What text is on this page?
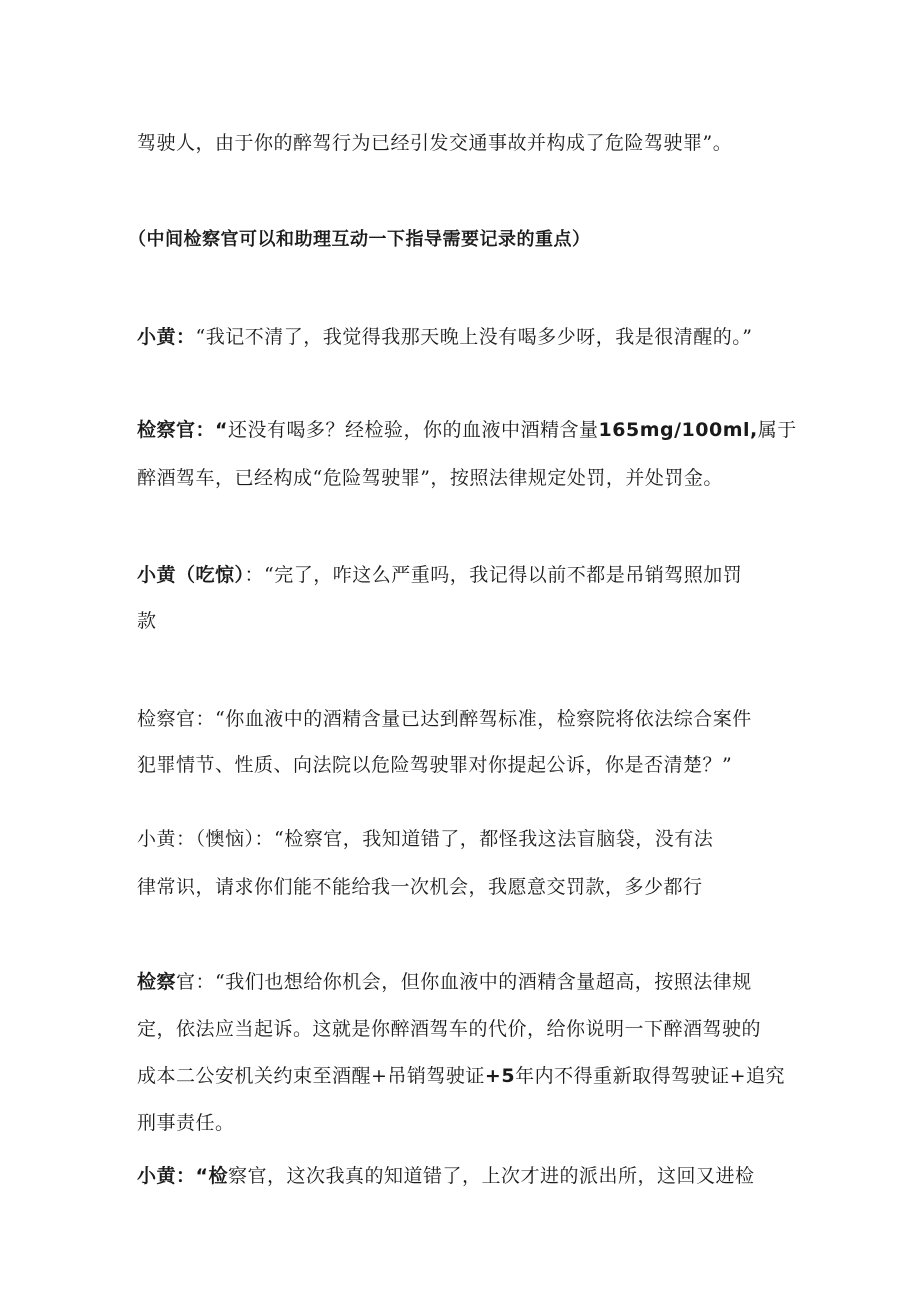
驾驶人，由于你的醉驾行为已经引发交通事故并构成了危险驾驶罪”。
（中间检察官可以和助理互动一下指导需要记录的重点）
小黄：“我记不清了，我觉得我那天晚上没有喝多少呀，我是很清醒的。”
检察官：“还没有喝多？经检验，你的血液中酒精含量165mg/100ml,属于
醉酒驾车，已经构成“危险驾驶罪”，按照法律规定处罚，并处罚金。
小黄（吃惊）：“完了，咋这么严重吗，我记得以前不都是吊销驾照加罚
款
检察官：“你血液中的酒精含量已达到醉驾标准，检察院将依法综合案件
犯罪情节、性质、向法院以危险驾驶罪对你提起公诉，你是否清楚？”
小黄：（懊恼）：“检察官，我知道错了，都怪我这法盲脑袋，没有法
律常识，请求你们能不能给我一次机会，我愿意交罚款，多少都行
检察官：“我们也想给你机会，但你血液中的酒精含量超高，按照法律规
定，依法应当起诉。这就是你醉酒驾车的代价，给你说明一下醉酒驾驶的
成本二公安机关约束至酒醒+吊销驾驶证+5年内不得重新取得驾驶证+追究
刑事责任。
小黄：“检察官，这次我真的知道错了，上次才进的派出所，这回又进检
